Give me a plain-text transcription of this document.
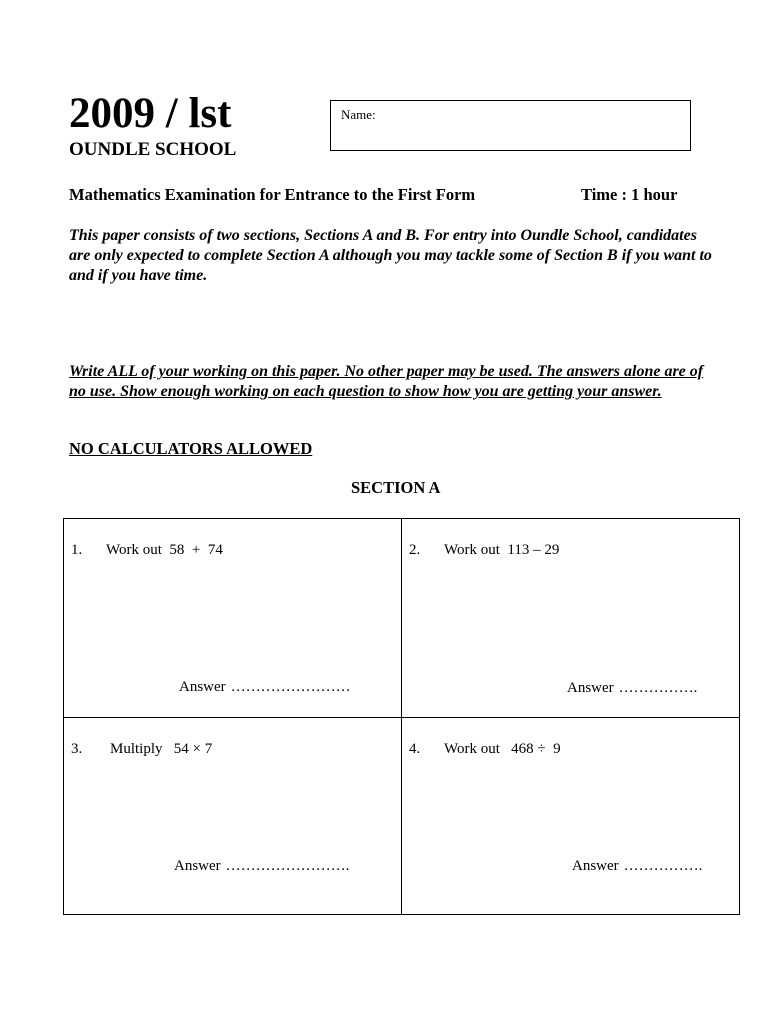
2009 / lst
OUNDLE SCHOOL
Name:
Mathematics Examination for Entrance to the First Form	Time : 1 hour
This paper consists of two sections, Sections A and B. For entry into Oundle School, candidates are only expected to complete Section A although you may tackle some of Section B if you want to and if you have time.
Write ALL of your working on this paper. No other paper may be used. The answers alone are of no use. Show enough working on each question to show how you are getting your answer.
NO CALCULATORS ALLOWED
SECTION A
1. Work out  58  +  74
Answer ……………………
2. Work out  113 – 29
Answer …………….
3. Multiply   54 × 7
Answer …………………….
4. Work out   468 ÷  9
Answer …………….
